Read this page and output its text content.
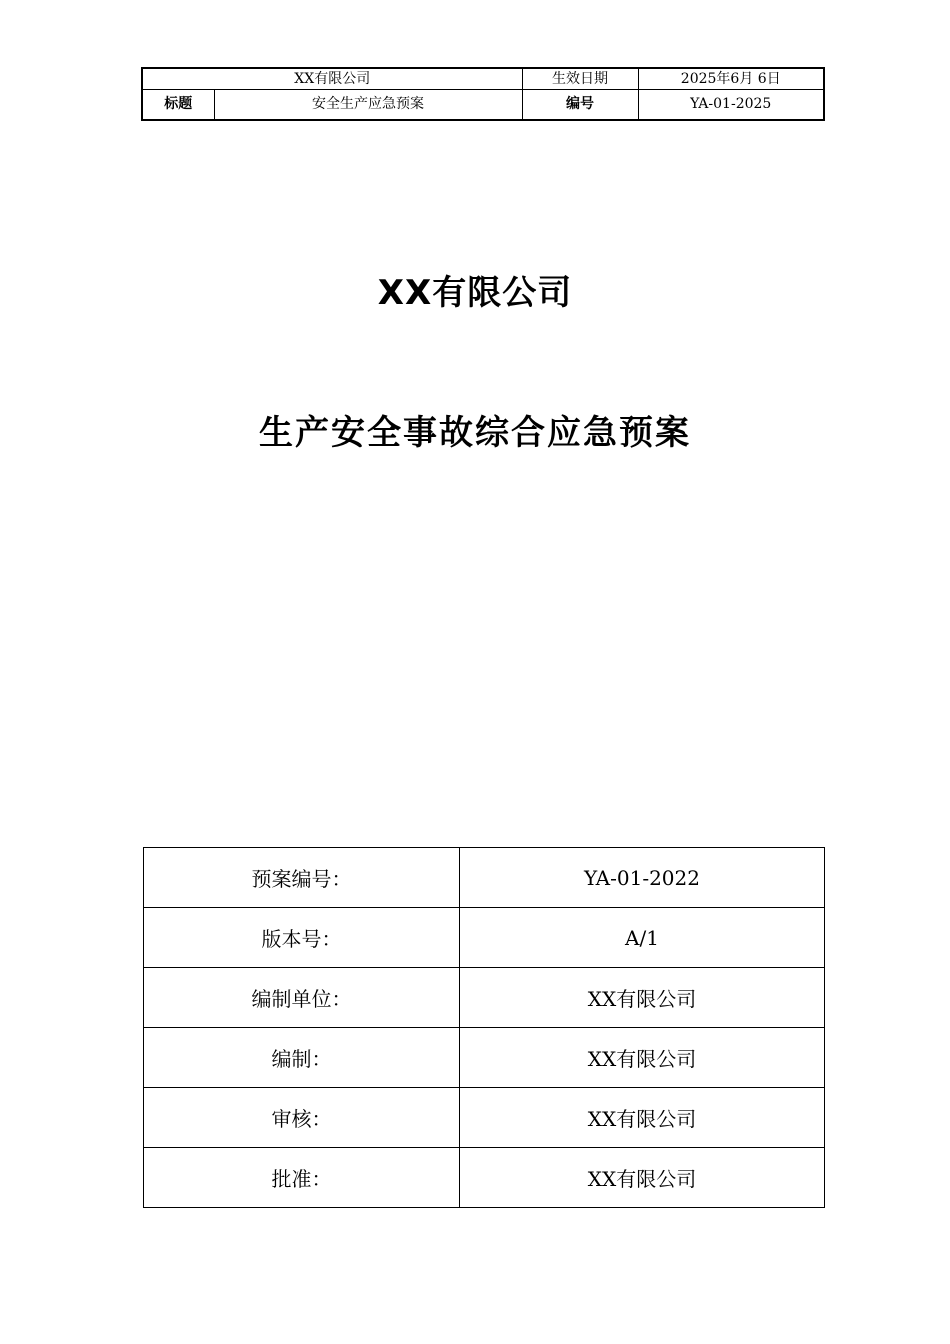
XX有限公司		生效日期	2025年6月 6日
标题	安全生产应急预案	编号	YA-01-2025
XX有限公司
生产安全事故综合应急预案
预案编号：	YA-01-2022
版本号：	A/1
编制单位：	XX有限公司
编制：	XX有限公司
审核：	XX有限公司
批准：	XX有限公司
